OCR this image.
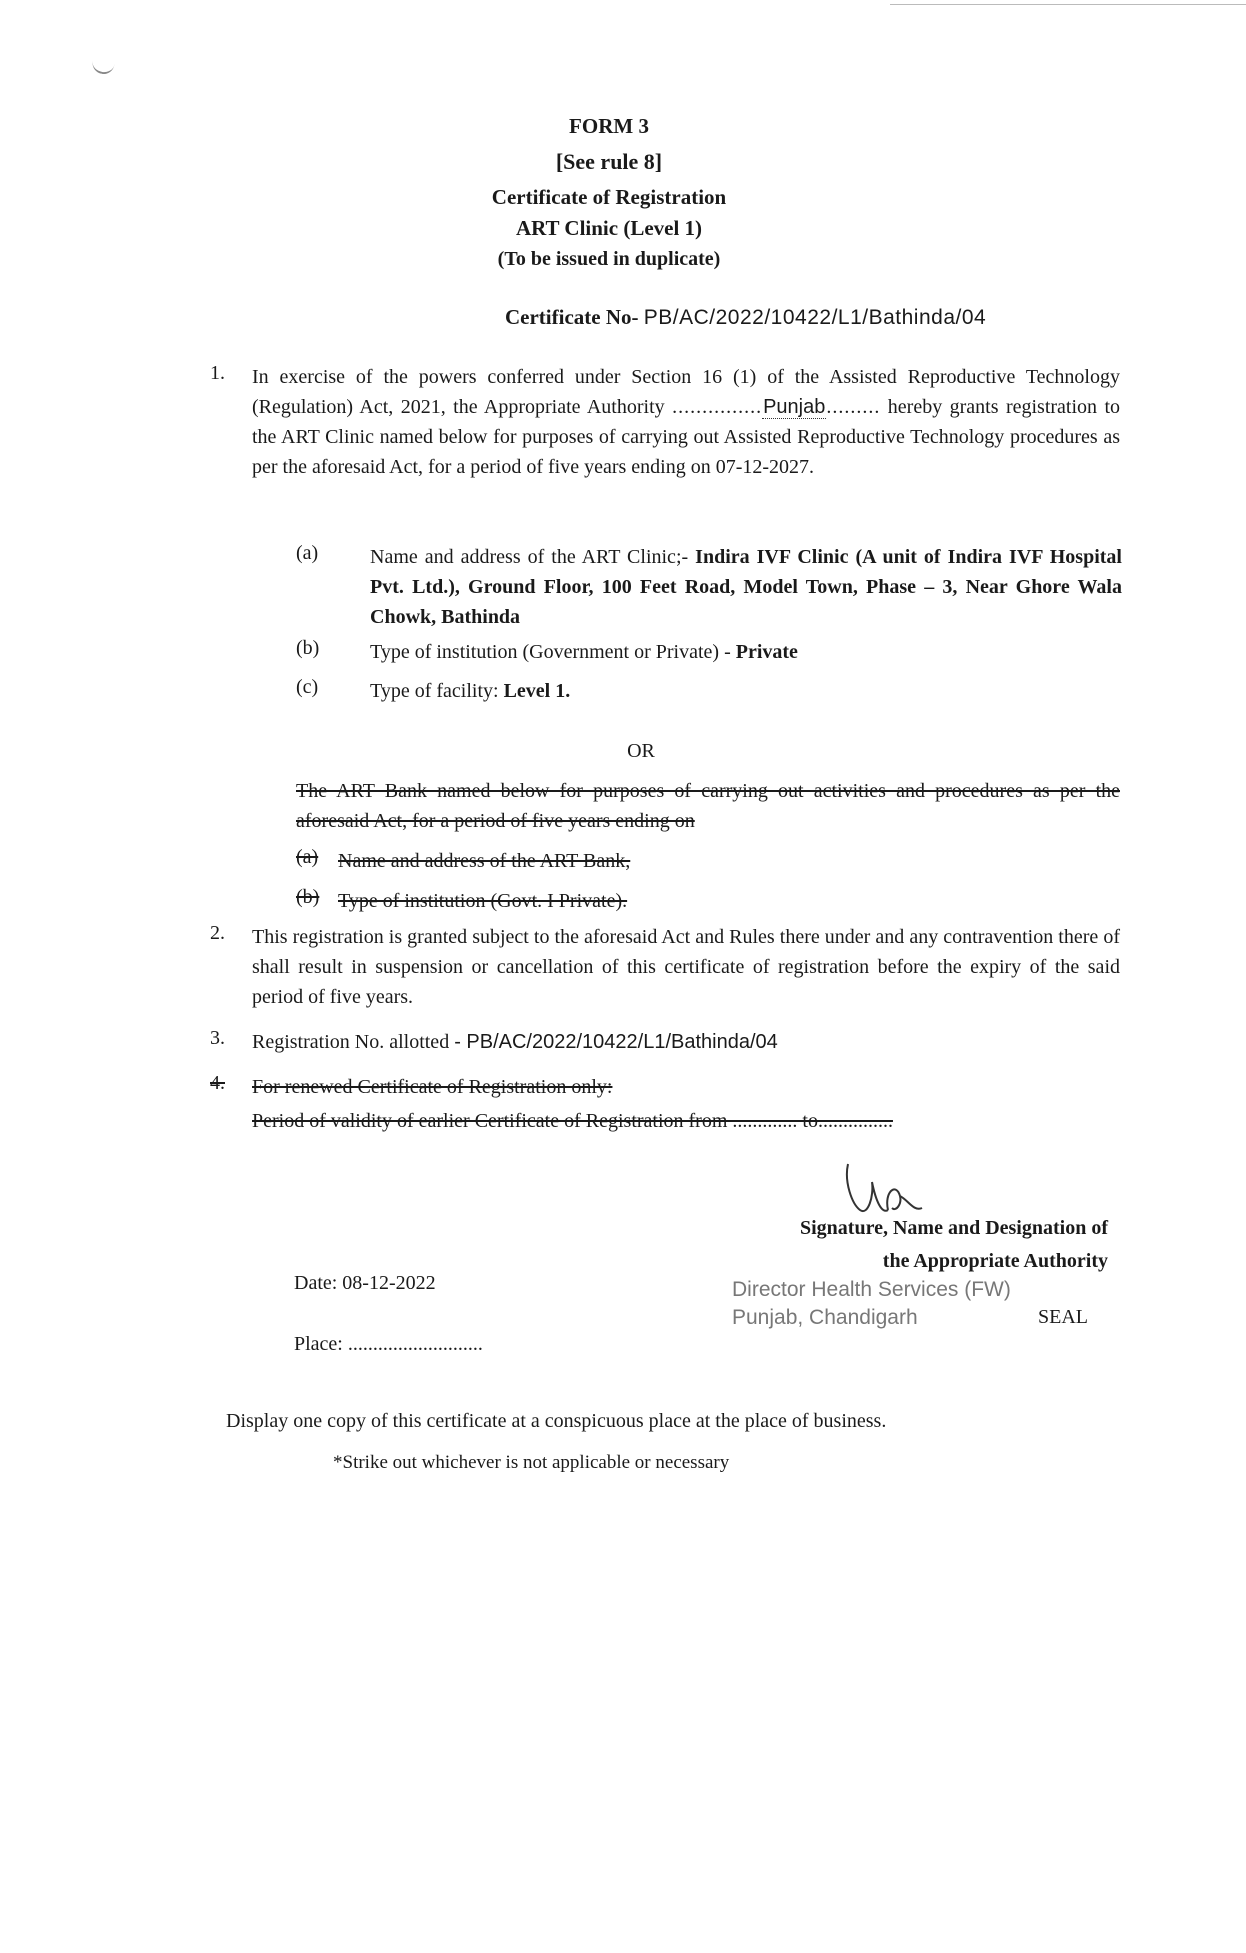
FORM 3
[See rule 8]
Certificate of Registration
ART Clinic (Level 1)
(To be issued in duplicate)
Certificate No- PB/AC/2022/10422/L1/Bathinda/04
1. In exercise of the powers conferred under Section 16 (1) of the Assisted Reproductive Technology (Regulation) Act, 2021, the Appropriate Authority ...............Punjab......... hereby grants registration to the ART Clinic named below for purposes of carrying out Assisted Reproductive Technology procedures as per the aforesaid Act, for a period of five years ending on 07-12-2027.
(a)	Name and address of the ART Clinic;- Indira IVF Clinic (A unit of Indira IVF Hospital Pvt. Ltd.), Ground Floor, 100 Feet Road, Model Town, Phase – 3, Near Ghore Wala Chowk, Bathinda
(b)	Type of institution (Government or Private) - Private
(c)	Type of facility: Level 1.
OR
The ART Bank named below for purposes of carrying out activities and procedures as per the aforesaid Act, for a period of five years ending on
(a) Name and address of the ART Bank,
(b) Type of institution (Govt. I Private).
2. This registration is granted subject to the aforesaid Act and Rules there under and any contravention there of shall result in suspension or cancellation of this certificate of registration before the expiry of the said period of five years.
3. Registration No. allotted - PB/AC/2022/10422/L1/Bathinda/04
4. For renewed Certificate of Registration only:
Period of validity of earlier Certificate of Registration from ............. to...............
Signature, Name and Designation of
the Appropriate Authority
Director Health Services (FW)
Punjab, Chandigarh	SEAL
Date: 08-12-2022
Place: ...........................
Display one copy of this certificate at a conspicuous place at the place of business.
*Strike out whichever is not applicable or necessary
